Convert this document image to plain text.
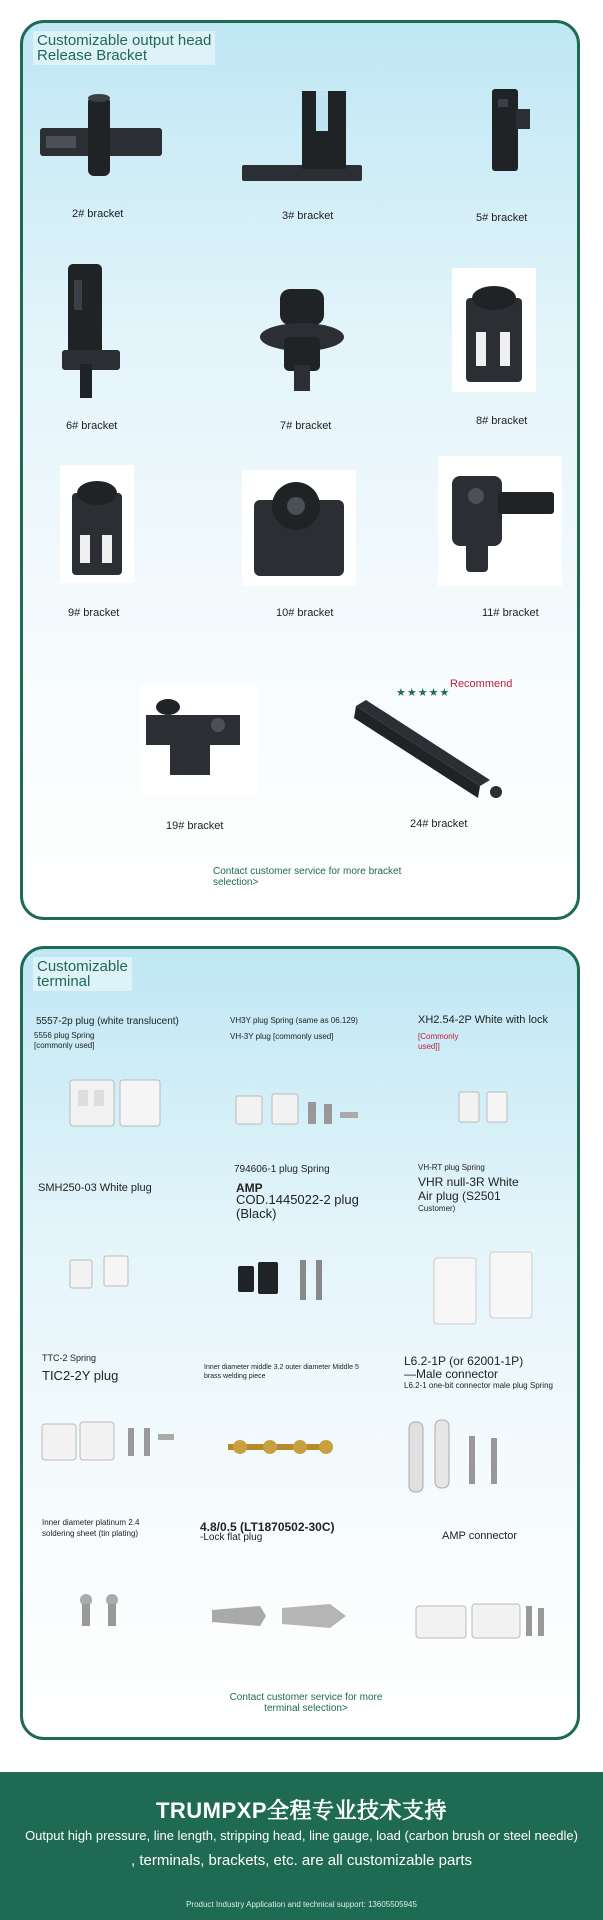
Customizable output head
Release Bracket
2# bracket	3# bracket	5# bracket
6# bracket	7# bracket	8# bracket
9# bracket	10# bracket	11# bracket
19# bracket
★★★★★
Recommend
24# bracket
Contact customer service for more bracket
selection>
Customizable
terminal
5557-2p plug (white translucent)
5556 plug Spring
[commonly used]
VH3Y plug Spring (same as 06.129)
VH-3Y plug [commonly used]
XH2.54-2P White with lock
[Commonly
used]]
SMH250-03 White plug
794606-1 plug Spring
AMP
COD.1445022-2 plug
(Black)
VH-RT plug Spring
VHR null-3R White
Air plug (S2501
Customer)
TTC-2 Spring
TIC2-2Y plug
Inner diameter middle 3.2 outer diameter Middle 5
brass welding piece
L6.2-1P (or 62001-1P)
—Male connector
L6.2-1 one-bit connector male plug Spring
Inner diameter platinum 2.4
soldering sheet (tin plating)	4.8/0.5 (LT1870502-30C)
-Lock flat plug	AMP connector
Contact customer service for more
terminal selection>
TRUMPXP全程专业技术支持
Output high pressure, line length, stripping head, line gauge, load (carbon brush or steel needle)
, terminals, brackets, etc. are all customizable parts
Product Industry Application and technical support: 13605505945
